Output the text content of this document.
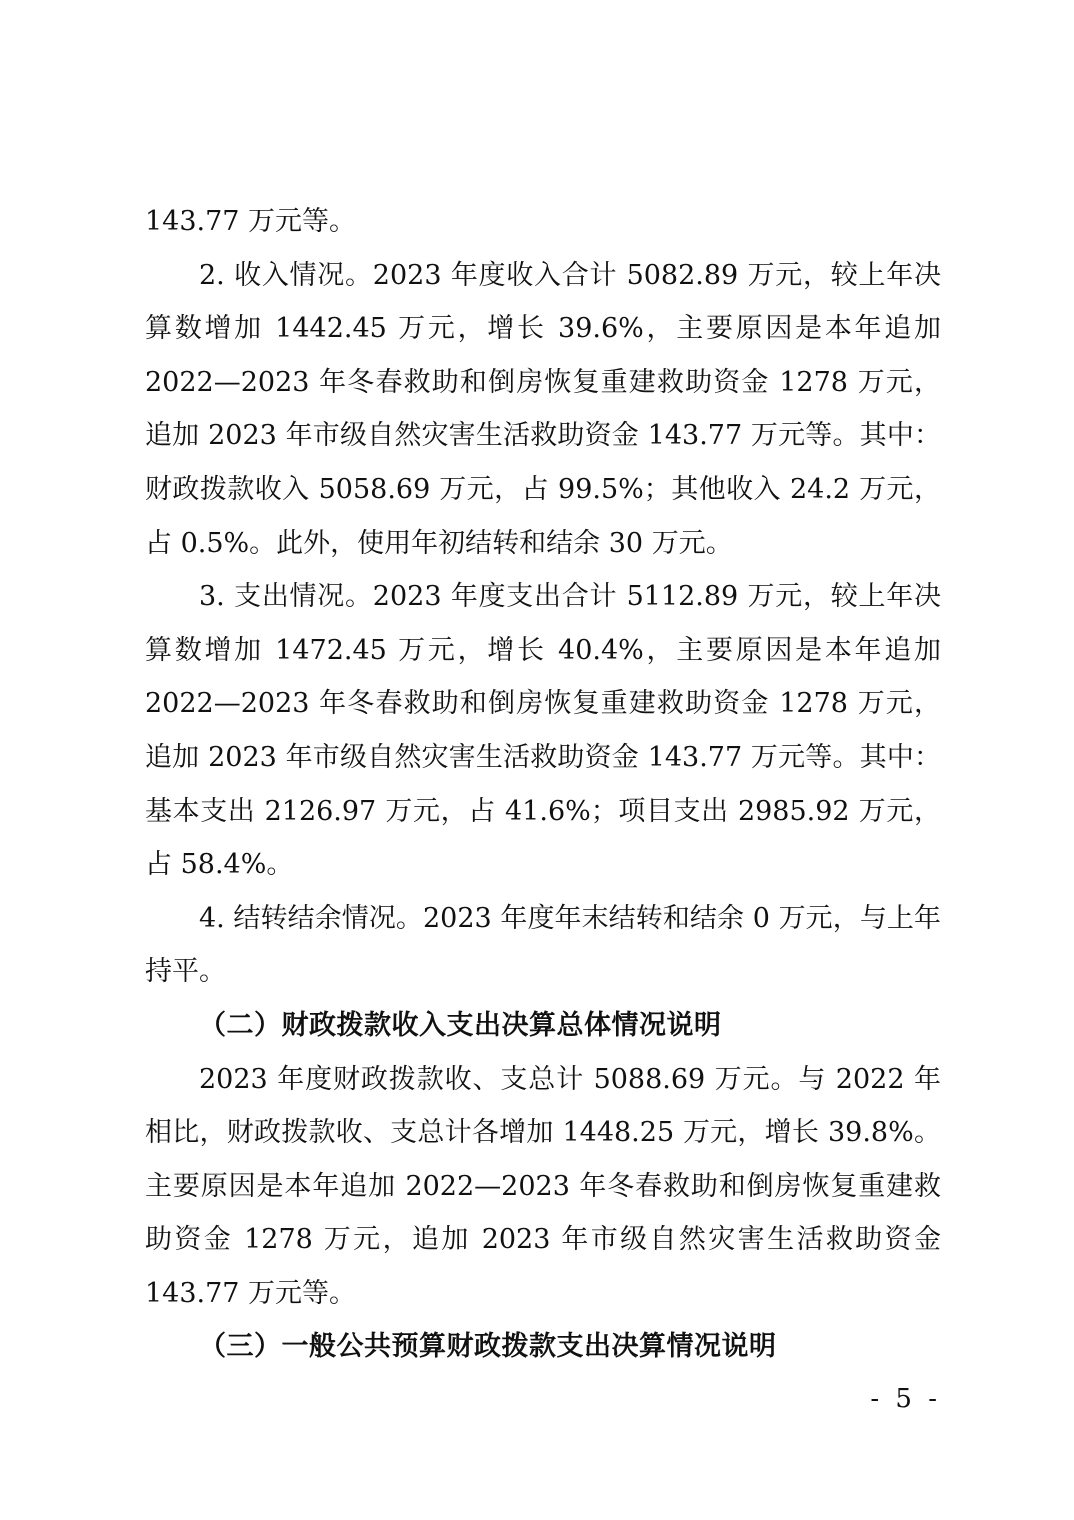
143.77 万元等。

2. 收入情况。2023 年度收入合计 5082.89 万元，较上年决算数增加 1442.45 万元，增长 39.6%，主要原因是本年追加 2022—2023 年冬春救助和倒房恢复重建救助资金 1278 万元，追加 2023 年市级自然灾害生活救助资金 143.77 万元等。其中：财政拨款收入 5058.69 万元，占 99.5%；其他收入 24.2 万元，占 0.5%。此外，使用年初结转和结余 30 万元。

3. 支出情况。2023 年度支出合计 5112.89 万元，较上年决算数增加 1472.45 万元，增长 40.4%，主要原因是本年追加 2022—2023 年冬春救助和倒房恢复重建救助资金 1278 万元，追加 2023 年市级自然灾害生活救助资金 143.77 万元等。其中：基本支出 2126.97 万元，占 41.6%；项目支出 2985.92 万元，占 58.4%。

4. 结转结余情况。2023 年度年末结转和结余 0 万元，与上年持平。

（二）财政拨款收入支出决算总体情况说明

2023 年度财政拨款收、支总计 5088.69 万元。与 2022 年相比，财政拨款收、支总计各增加 1448.25 万元，增长 39.8%。主要原因是本年追加 2022—2023 年冬春救助和倒房恢复重建救助资金 1278 万元，追加 2023 年市级自然灾害生活救助资金 143.77 万元等。

（三）一般公共预算财政拨款支出决算情况说明

- 5 -
